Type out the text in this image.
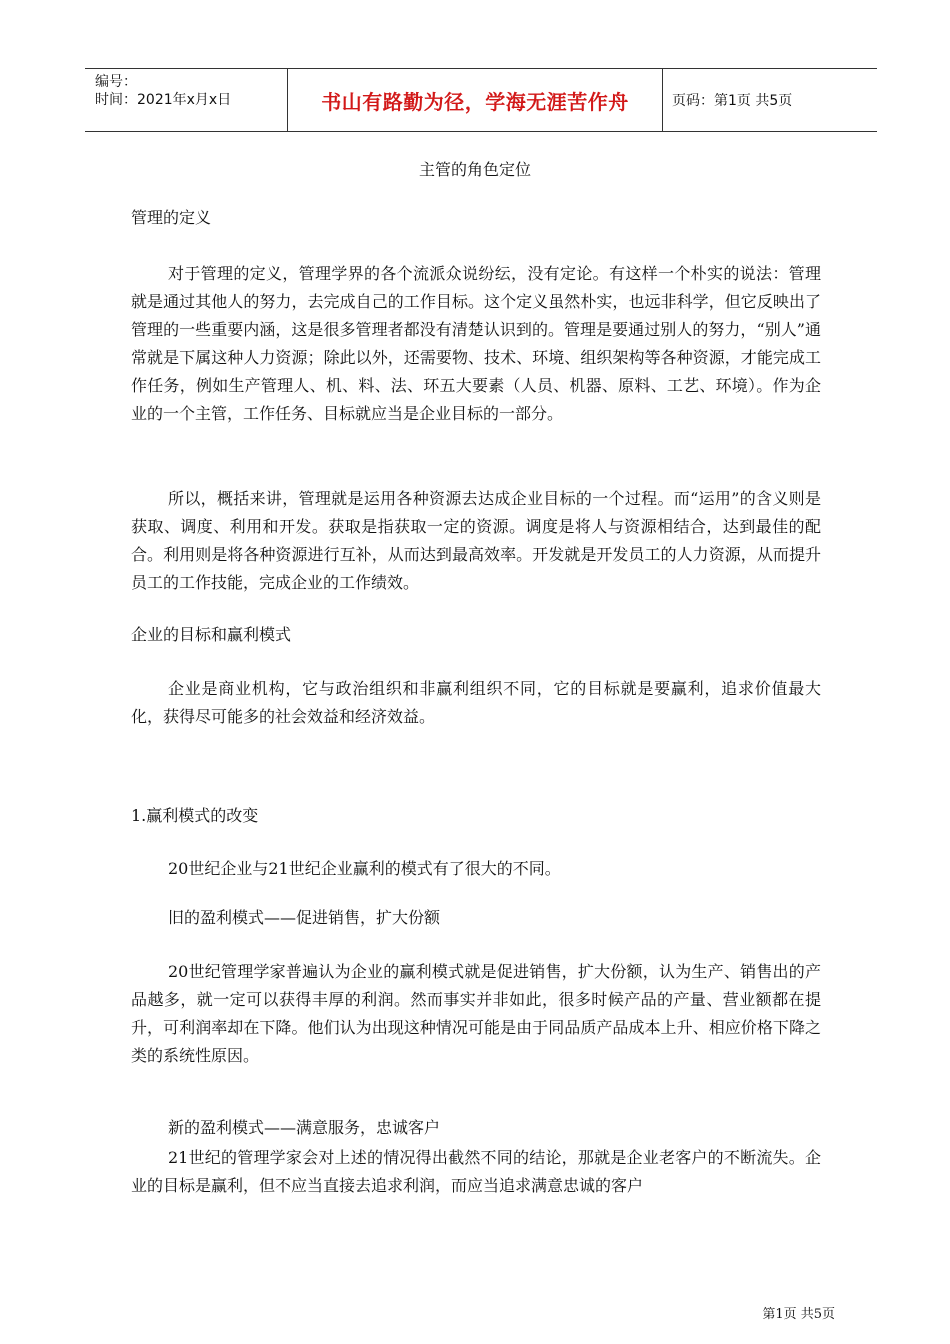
编号：
时间：2021年x月x日	书山有路勤为径，学海无涯苦作舟	页码：第1页 共5页
主管的角色定位
管理的定义
对于管理的定义，管理学界的各个流派众说纷纭，没有定论。有这样一个朴实的说法：管理就是通过其他人的努力，去完成自己的工作目标。这个定义虽然朴实，也远非科学，但它反映出了管理的一些重要内涵，这是很多管理者都没有清楚认识到的。管理是要通过别人的努力，“别人”通常就是下属这种人力资源；除此以外，还需要物、技术、环境、组织架构等各种资源，才能完成工作任务，例如生产管理人、机、料、法、环五大要素（人员、机器、原料、工艺、环境）。作为企业的一个主管，工作任务、目标就应当是企业目标的一部分。
所以，概括来讲，管理就是运用各种资源去达成企业目标的一个过程。而“运用”的含义则是获取、调度、利用和开发。获取是指获取一定的资源。调度是将人与资源相结合，达到最佳的配合。利用则是将各种资源进行互补，从而达到最高效率。开发就是开发员工的人力资源，从而提升员工的工作技能，完成企业的工作绩效。
企业的目标和赢利模式
企业是商业机构，它与政治组织和非赢利组织不同，它的目标就是要赢利，追求价值最大化，获得尽可能多的社会效益和经济效益。
1.赢利模式的改变
20世纪企业与21世纪企业赢利的模式有了很大的不同。
旧的盈利模式——促进销售，扩大份额
20世纪管理学家普遍认为企业的赢利模式就是促进销售，扩大份额，认为生产、销售出的产品越多，就一定可以获得丰厚的利润。然而事实并非如此，很多时候产品的产量、营业额都在提升，可利润率却在下降。他们认为出现这种情况可能是由于同品质产品成本上升、相应价格下降之类的系统性原因。
新的盈利模式——满意服务，忠诚客户
21世纪的管理学家会对上述的情况得出截然不同的结论，那就是企业老客户的不断流失。企业的目标是赢利，但不应当直接去追求利润，而应当追求满意忠诚的客户
第1页 共5页
